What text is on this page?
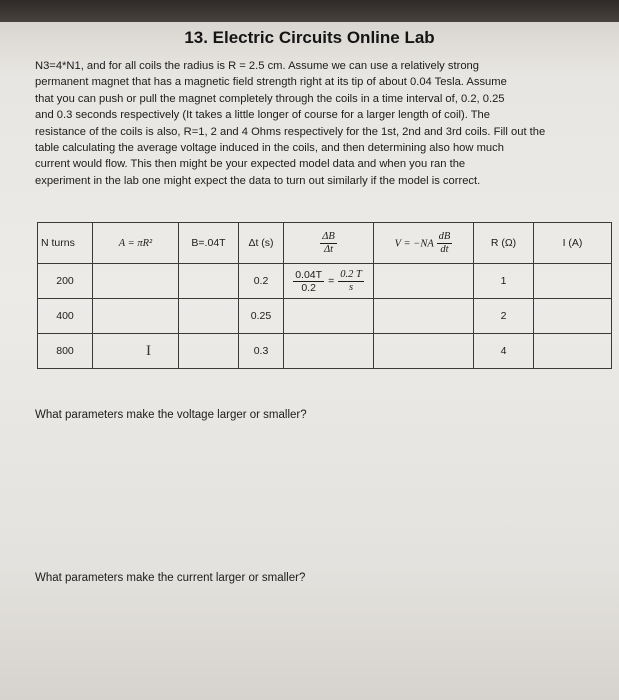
13. Electric Circuits Online Lab
N3=4*N1, and for all coils the radius is R = 2.5 cm. Assume we can use a relatively strong
permanent magnet that has a magnetic field strength right at its tip of about 0.04 Tesla. Assume
that you can push or pull the magnet completely through the coils in a time interval of, 0.2, 0.25
and 0.3 seconds respectively (It takes a little longer of course for a larger length of coil). The
resistance of the coils is also, R=1, 2 and 4 Ohms respectively for the 1st, 2nd and 3rd coils. Fill out the
table calculating the average voltage induced in the coils, and then determining also how much
current would flow. This then might be your expected model data and when you ran the
experiment in the lab one might expect the data to turn out similarly if the model is correct.
N turns	A = πR²	B=.04T	Δt (s)	$\frac{\Delta B}{\Delta t}$	$V = -NA \frac{dB}{dt}$	R (Ω)	I (A)
200			0.2	$\frac{0.04T}{0.2} = \frac{0.2 T}{s}$		1	
400			0.25			2	
800	I		0.3			4	
What parameters make the voltage larger or smaller?
What parameters make the current larger or smaller?
